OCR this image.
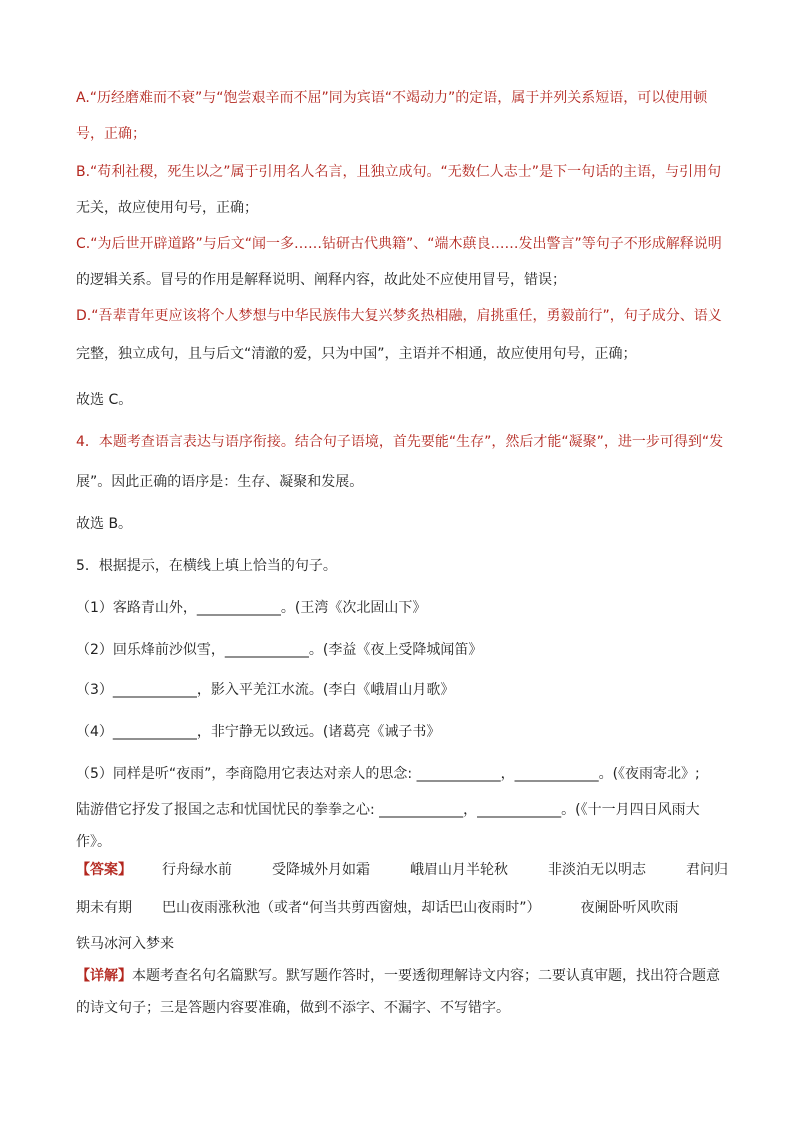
A.“历经磨难而不衰”与“饱尝艰辛而不屈”同为宾语“不竭动力”的定语，属于并列关系短语，可以使用顿
号，正确；
B.“苟利社稷，死生以之”属于引用名人名言，且独立成句。“无数仁人志士”是下一句话的主语，与引用句
无关，故应使用句号，正确；
C.“为后世开辟道路”与后文“闻一多……钻研古代典籍”、“端木蕻良……发出警言”等句子不形成解释说明
的逻辑关系。冒号的作用是解释说明、阐释内容，故此处不应使用冒号，错误；
D.“吾辈青年更应该将个人梦想与中华民族伟大复兴梦炙热相融，肩挑重任，勇毅前行”，句子成分、语义
完整，独立成句，且与后文“清澈的爱，只为中国”，主语并不相通，故应使用句号，正确；
故选 C。
4．本题考查语言表达与语序衔接。结合句子语境，首先要能“生存”，然后才能“凝聚”，进一步可得到“发
展”。因此正确的语序是：生存、凝聚和发展。
故选 B。
5．根据提示，在横线上填上恰当的句子。
（1）客路青山外，____________。(王湾《次北固山下》
（2）回乐烽前沙似雪，____________。(李益《夜上受降城闻笛》
（3）____________，影入平羌江水流。(李白《峨眉山月歌》
（4）____________，非宁静无以致远。(诸葛亮《诫子书》
（5）同样是听“夜雨”，李商隐用它表达对亲人的思念: ____________，____________。(《夜雨寄北》;
陆游借它抒发了报国之志和忧国忧民的拳拳之心: ____________，____________。(《十一月四日风雨大
作》。
【答案】 行舟绿水前	受降城外月如霜	峨眉山月半轮秋	非淡泊无以明志	君问归
期未有期 巴山夜雨涨秋池（或者“何当共剪西窗烛，却话巴山夜雨时”）	夜阑卧听风吹雨
铁马冰河入梦来
【详解】本题考查名句名篇默写。默写题作答时，一要透彻理解诗文内容；二要认真审题，找出符合题意
的诗文句子；三是答题内容要准确，做到不添字、不漏字、不写错字。
